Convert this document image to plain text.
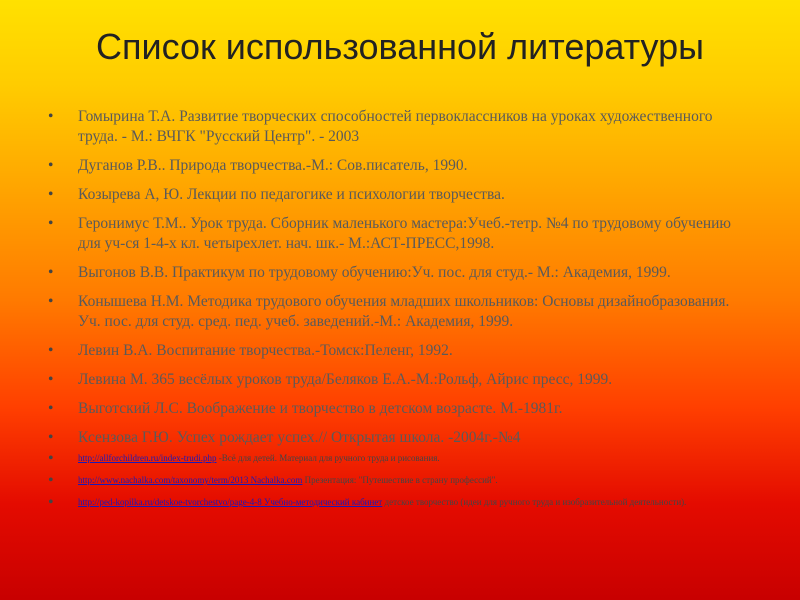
Список использованной литературы
• Гомырина Т.А. Развитие творческих способностей первоклассников на уроках художественного труда. - М.: ВЧГК "Русский Центр". - 2003
• Дуганов Р.В.. Природа творчества.-М.: Сов.писатель, 1990.
• Козырева А, Ю. Лекции по педагогике и психологии творчества.
• Геронимус Т.М.. Урок труда. Сборник маленького мастера:Учеб.-тетр. №4 по трудовому обучению для уч-ся 1-4-х кл. четырехлет. нач. шк.- М.:АСТ-ПРЕСС,1998.
• Выгонов В.В. Практикум по трудовому обучению:Уч. пос. для студ.- М.: Академия, 1999.
• Конышева Н.М. Методика трудового обучения младших школьников: Основы дизайнобразования. Уч. пос. для студ. сред. пед. учеб. заведений.-М.: Академия, 1999.
• Левин В.А. Воспитание творчества.-Томск:Пеленг, 1992.
• Левина М. 365 весёлых уроков труда/Беляков Е.А.-М.:Рольф, Айрис пресс, 1999.
• Выготский Л.С. Воображение и творчество в детском возрасте. М.-1981г.
• Ксензова Г.Ю. Успех рождает успех.// Открытая школа. -2004г.-№4
• http://allforchildren.ru/index-trudi.php -Всё для детей. Материал для ручного труда и рисования.
• http://www.nachalka.com/taxonomy/term/2013 Nachalka.com Презентация: "Путешествие в страну профессий".
• http://ped-kopilka.ru/detskoe-tvorchestvo/page-4-8 Учебно-методический кабинет детское творчество (идеи для ручного труда и изобразительной деятельности).
